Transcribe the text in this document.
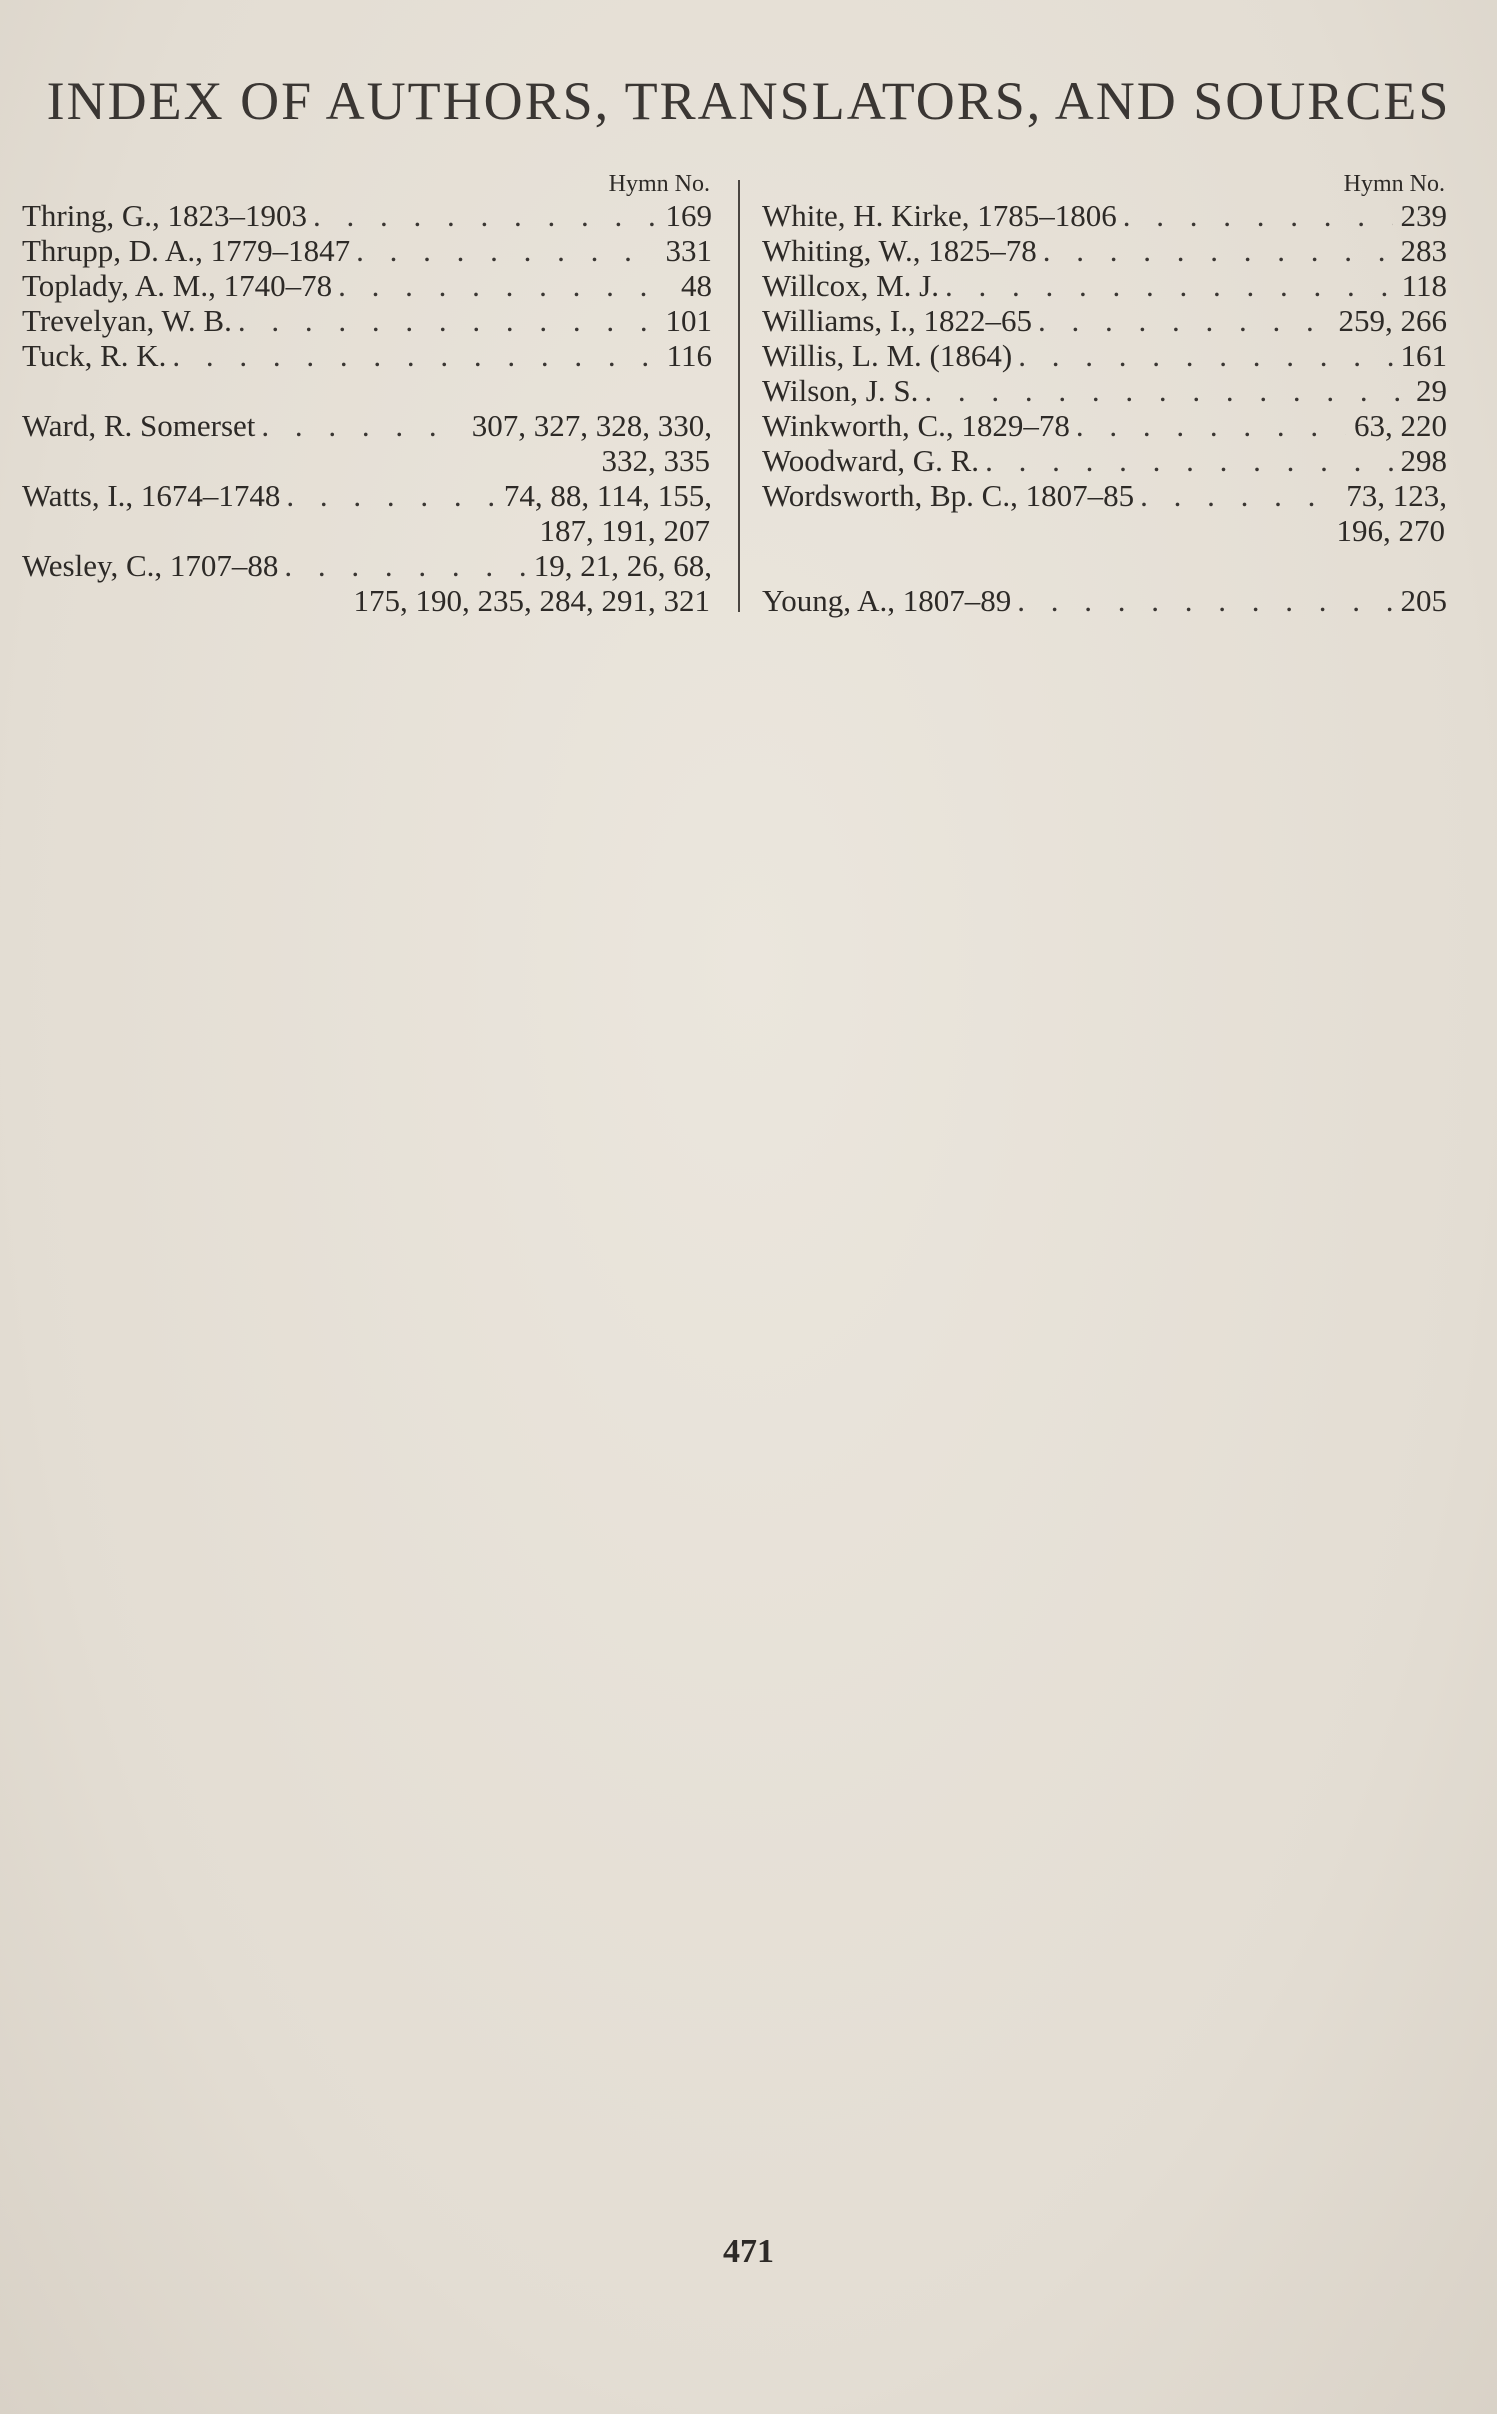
INDEX OF AUTHORS, TRANSLATORS, AND SOURCES
Hymn No.
Thring, G., 1823–1903 . . .	169
Thrupp, D. A., 1779–1847 . . .	331
Toplady, A. M., 1740–78 . . .	48
Trevelyan, W. B. . . .	101
Tuck, R. K. . . .	116
Ward, R. Somerset . . .	307, 327, 328, 330,
332, 335
Watts, I., 1674–1748 . . .	74, 88, 114, 155,
187, 191, 207
Wesley, C., 1707–88 . . .	19, 21, 26, 68,
175, 190, 235, 284, 291, 321
Hymn No.
White, H. Kirke, 1785–1806 . . .	239
Whiting, W., 1825–78 . . .	283
Willcox, M. J. . . .	118
Williams, I., 1822–65 . . .	259, 266
Willis, L. M. (1864) . . .	161
Wilson, J. S. . . .	29
Winkworth, C., 1829–78 . . .	63, 220
Woodward, G. R. . . .	298
Wordsworth, Bp. C., 1807–85 . . .	73, 123,
196, 270
Young, A., 1807–89 . . .	205
471
